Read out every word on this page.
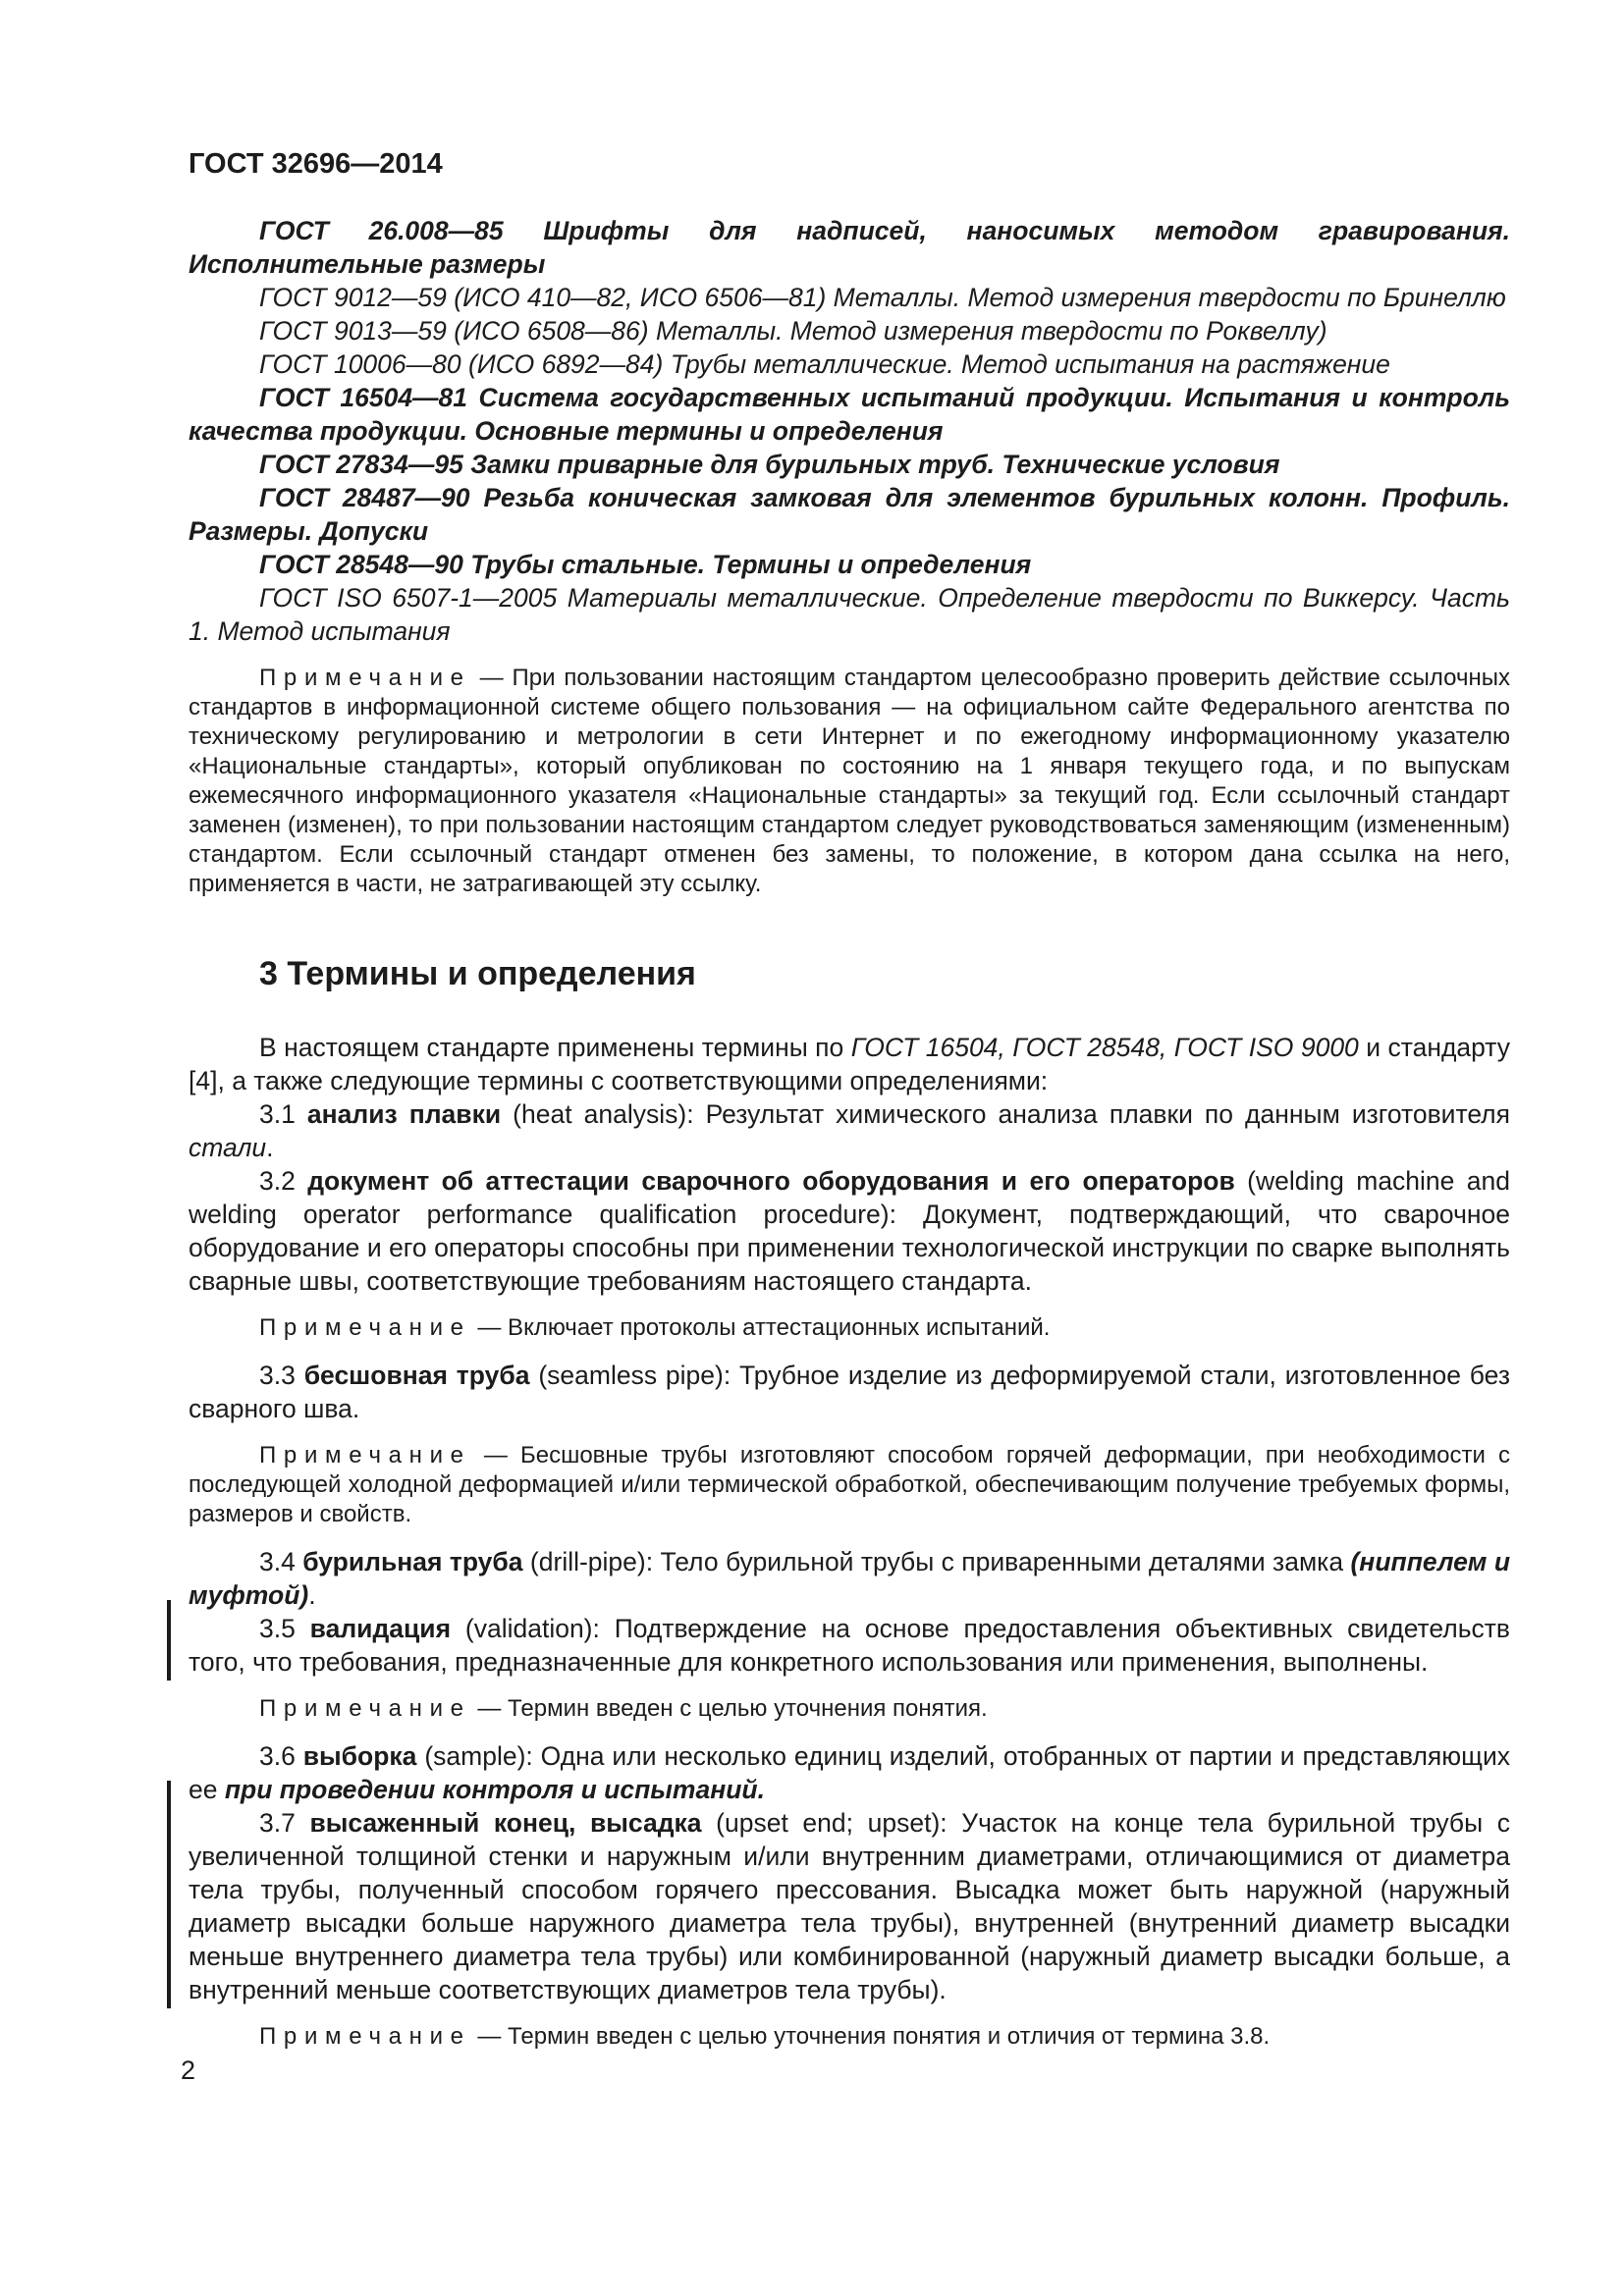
ГОСТ 32696—2014

ГОСТ 26.008—85 Шрифты для надписей, наносимых методом гравирования. Исполнительные размеры

ГОСТ 9012—59 (ИСО 410—82, ИСО 6506—81) Металлы. Метод измерения твердости по Бринеллю

ГОСТ 9013—59 (ИСО 6508—86) Металлы. Метод измерения твердости по Роквеллу)

ГОСТ 10006—80 (ИСО 6892—84) Трубы металлические. Метод испытания на растяжение

ГОСТ 16504—81 Система государственных испытаний продукции. Испытания и контроль качества продукции. Основные термины и определения

ГОСТ 27834—95 Замки приварные для бурильных труб. Технические условия

ГОСТ 28487—90 Резьба коническая замковая для элементов бурильных колонн. Профиль. Размеры. Допуски

ГОСТ 28548—90 Трубы стальные. Термины и определения

ГОСТ ISO 6507-1—2005 Материалы металлические. Определение твердости по Виккерсу. Часть 1. Метод испытания

Примечание — При пользовании настоящим стандартом целесообразно проверить действие ссылочных стандартов в информационной системе общего пользования — на официальном сайте Федерального агентства по техническому регулированию и метрологии в сети Интернет и по ежегодному информационному указателю «Национальные стандарты», который опубликован по состоянию на 1 января текущего года, и по выпускам ежемесячного информационного указателя «Национальные стандарты» за текущий год. Если ссылочный стандарт заменен (изменен), то при пользовании настоящим стандартом следует руководствоваться заменяющим (измененным) стандартом. Если ссылочный стандарт отменен без замены, то положение, в котором дана ссылка на него, применяется в части, не затрагивающей эту ссылку.

3 Термины и определения

В настоящем стандарте применены термины по ГОСТ 16504, ГОСТ 28548, ГОСТ ISO 9000 и стандарту [4], а также следующие термины с соответствующими определениями:

3.1 анализ плавки (heat analysis): Результат химического анализа плавки по данным изготовителя стали.

3.2 документ об аттестации сварочного оборудования и его операторов (welding machine and welding operator performance qualification procedure): Документ, подтверждающий, что сварочное оборудование и его операторы способны при применении технологической инструкции по сварке выполнять сварные швы, соответствующие требованиям настоящего стандарта.

Примечание — Включает протоколы аттестационных испытаний.

3.3 бесшовная труба (seamless pipe): Трубное изделие из деформируемой стали, изготовленное без сварного шва.

Примечание — Бесшовные трубы изготовляют способом горячей деформации, при необходимости с последующей холодной деформацией и/или термической обработкой, обеспечивающим получение требуемых формы, размеров и свойств.

3.4 бурильная труба (drill-pipe): Тело бурильной трубы с приваренными деталями замка (ниппелем и муфтой).

3.5 валидация (validation): Подтверждение на основе предоставления объективных свидетельств того, что требования, предназначенные для конкретного использования или применения, выполнены.

Примечание — Термин введен с целью уточнения понятия.

3.6 выборка (sample): Одна или несколько единиц изделий, отобранных от партии и представляющих ее при проведении контроля и испытаний.

3.7 высаженный конец, высадка (upset end; upset): Участок на конце тела бурильной трубы с увеличенной толщиной стенки и наружным и/или внутренним диаметрами, отличающимися от диаметра тела трубы, полученный способом горячего прессования. Высадка может быть наружной (наружный диаметр высадки больше наружного диаметра тела трубы), внутренней (внутренний диаметр высадки меньше внутреннего диаметра тела трубы) или комбинированной (наружный диаметр высадки больше, а внутренний меньше соответствующих диаметров тела трубы).

Примечание — Термин введен с целью уточнения понятия и отличия от термина 3.8.

2
